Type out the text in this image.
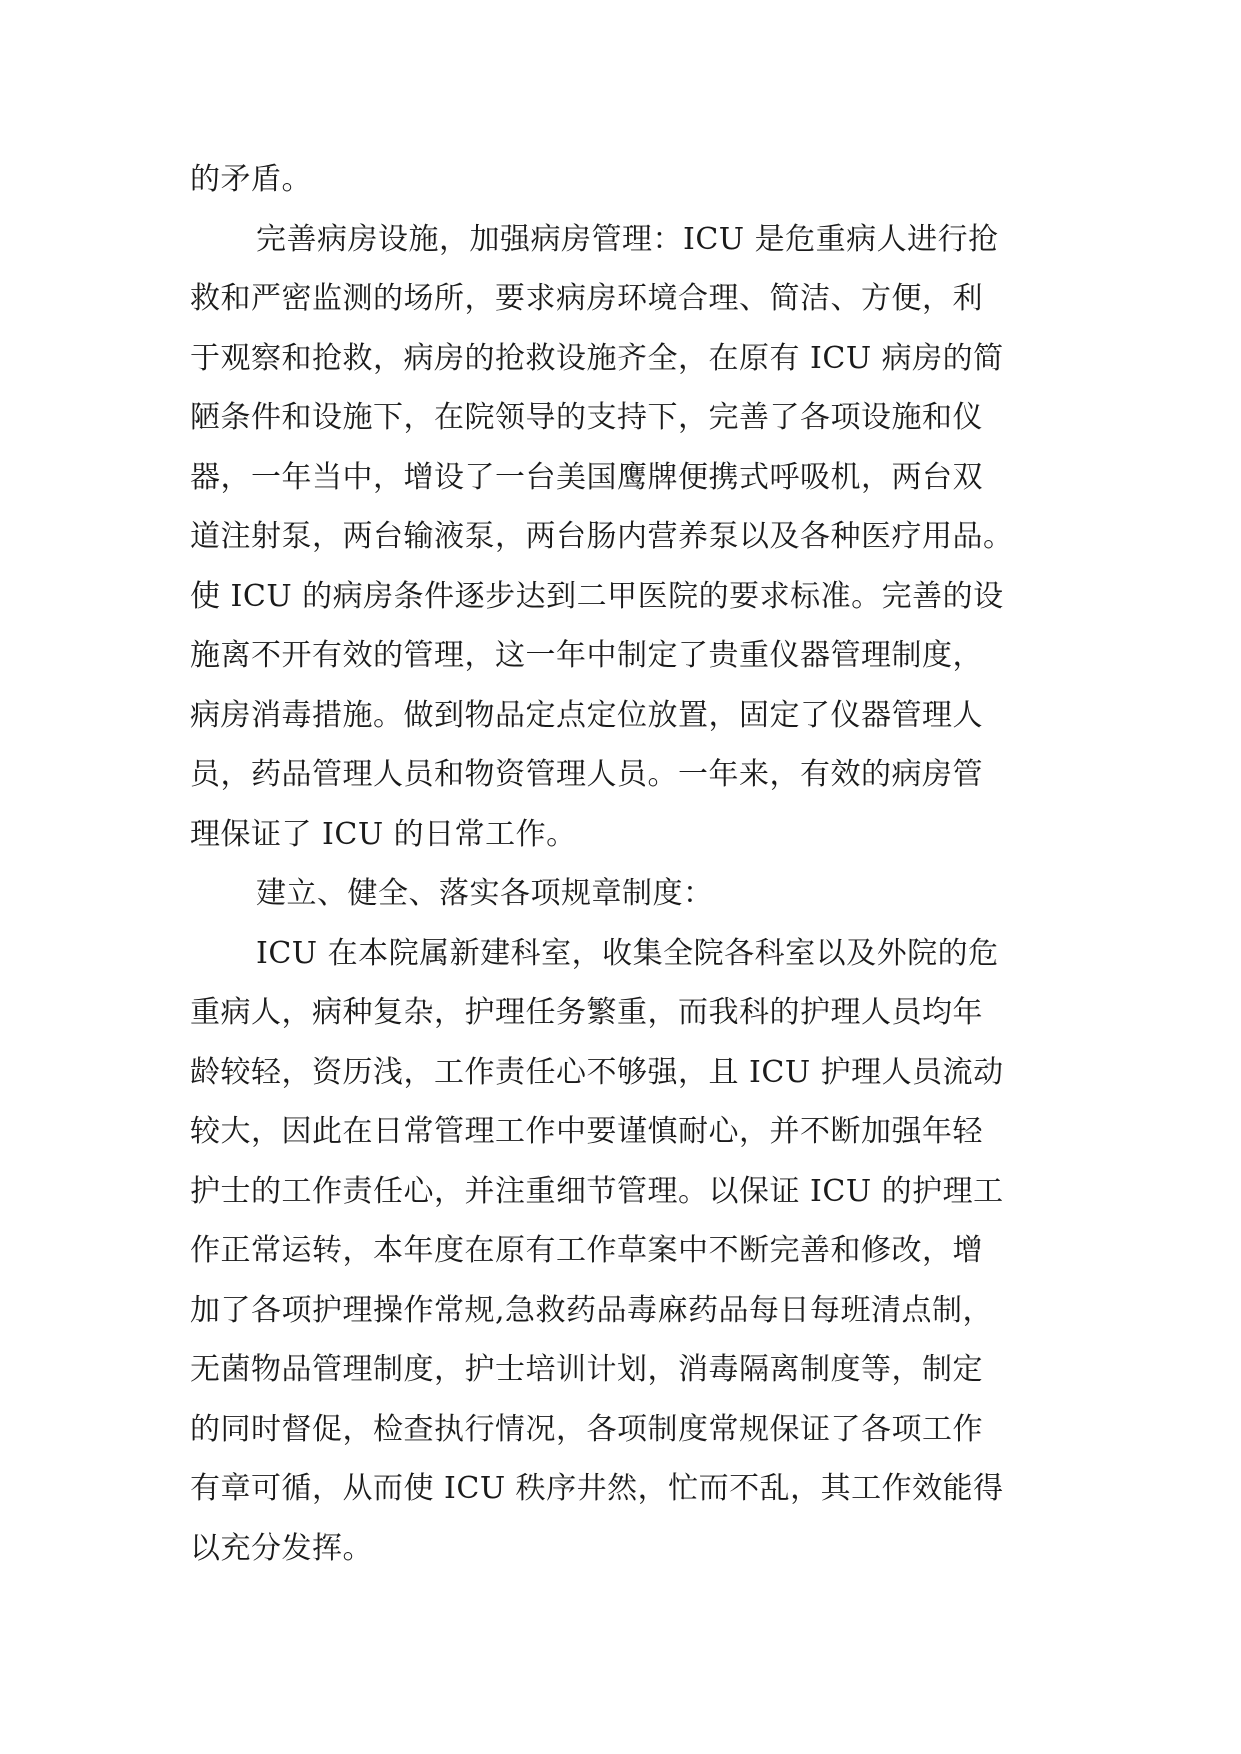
的矛盾。
完善病房设施，加强病房管理：ICU 是危重病人进行抢
救和严密监测的场所，要求病房环境合理、简洁、方便，利
于观察和抢救，病房的抢救设施齐全，在原有 ICU 病房的简
陋条件和设施下，在院领导的支持下，完善了各项设施和仪
器，一年当中，增设了一台美国鹰牌便携式呼吸机，两台双
道注射泵，两台输液泵，两台肠内营养泵以及各种医疗用品。
使 ICU 的病房条件逐步达到二甲医院的要求标准。完善的设
施离不开有效的管理，这一年中制定了贵重仪器管理制度，
病房消毒措施。做到物品定点定位放置，固定了仪器管理人
员，药品管理人员和物资管理人员。一年来，有效的病房管
理保证了 ICU 的日常工作。
建立、健全、落实各项规章制度：
ICU 在本院属新建科室，收集全院各科室以及外院的危
重病人，病种复杂，护理任务繁重，而我科的护理人员均年
龄较轻，资历浅，工作责任心不够强，且 ICU 护理人员流动
较大，因此在日常管理工作中要谨慎耐心，并不断加强年轻
护士的工作责任心，并注重细节管理。以保证 ICU 的护理工
作正常运转，本年度在原有工作草案中不断完善和修改，增
加了各项护理操作常规,急救药品毒麻药品每日每班清点制，
无菌物品管理制度，护士培训计划，消毒隔离制度等，制定
的同时督促，检查执行情况，各项制度常规保证了各项工作
有章可循，从而使 ICU 秩序井然，忙而不乱，其工作效能得
以充分发挥。
